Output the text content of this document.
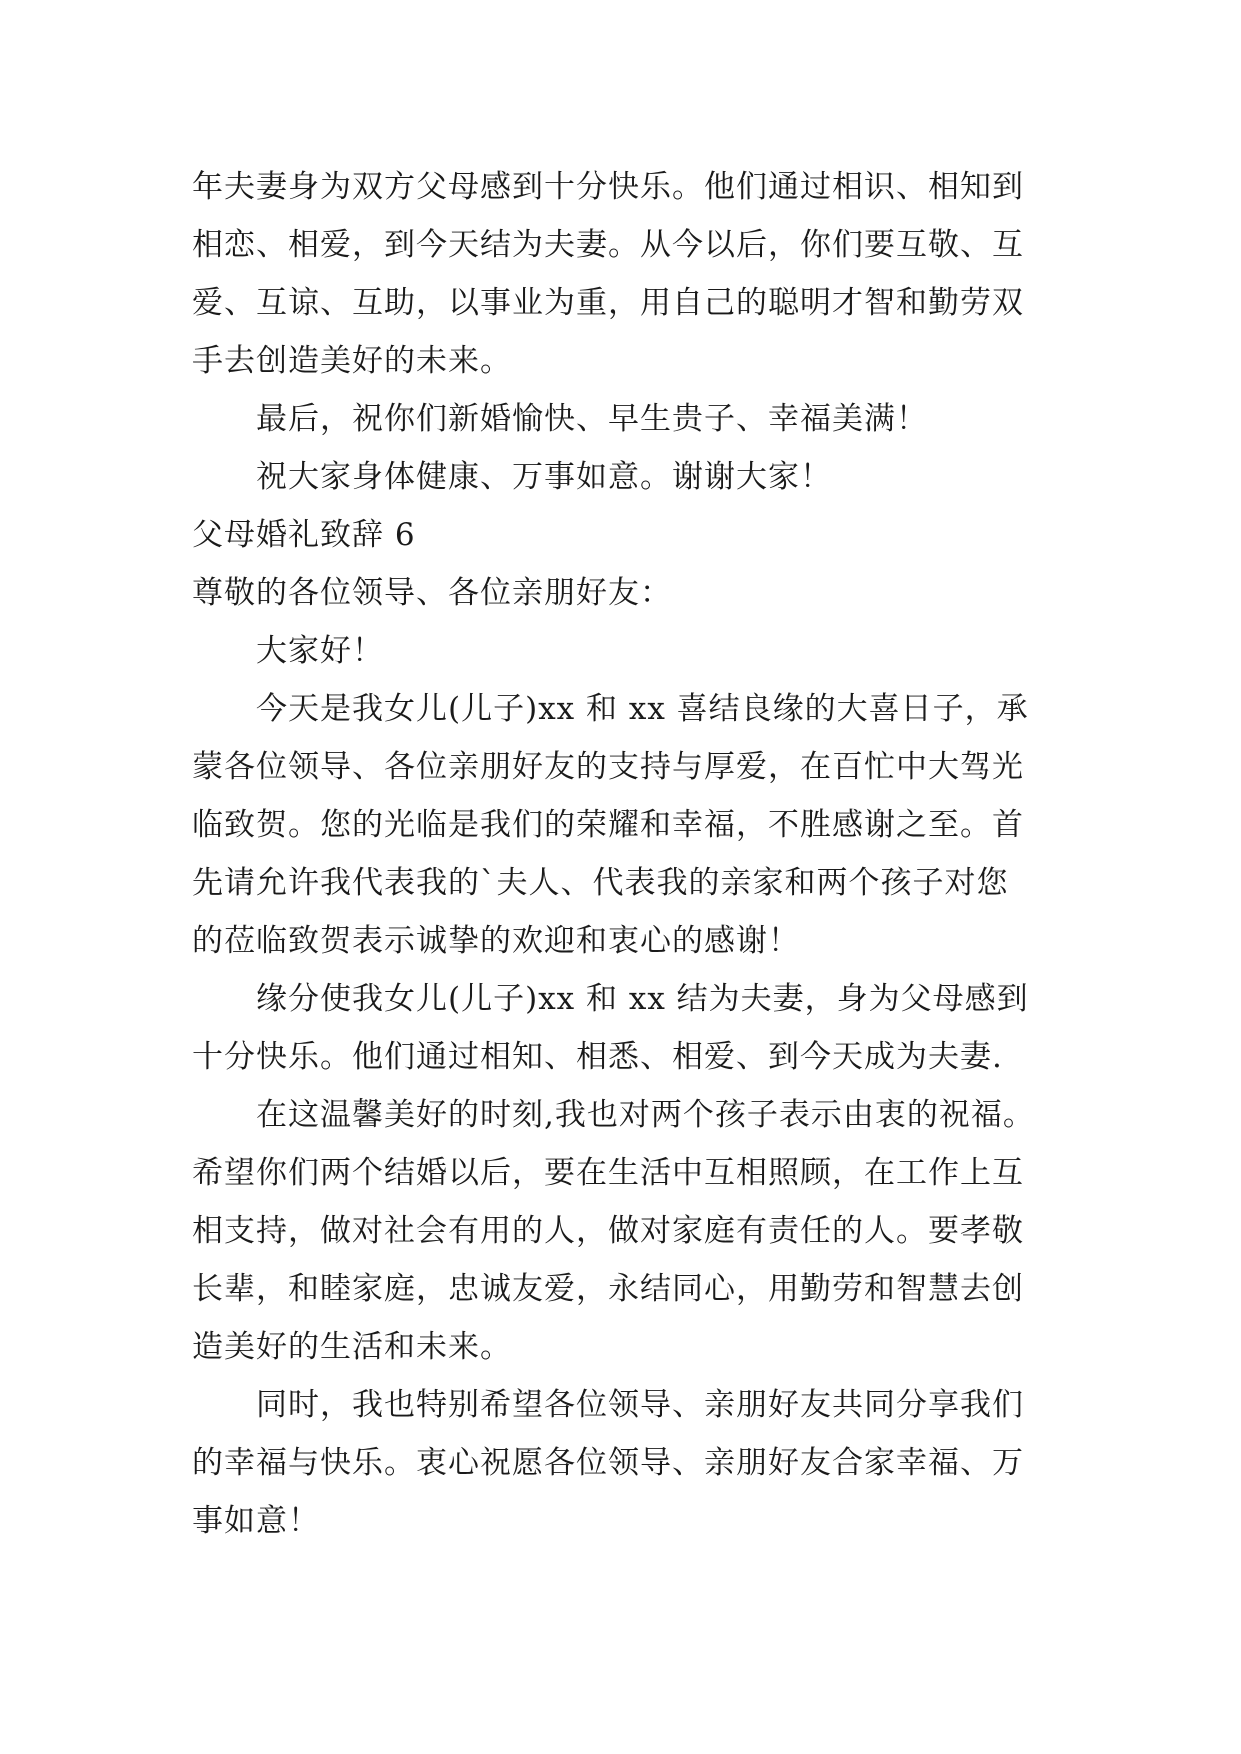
年夫妻身为双方父母感到十分快乐。他们通过相识、相知到
相恋、相爱，到今天结为夫妻。从今以后，你们要互敬、互
爱、互谅、互助，以事业为重，用自己的聪明才智和勤劳双
手去创造美好的未来。
最后，祝你们新婚愉快、早生贵子、幸福美满！
祝大家身体健康、万事如意。谢谢大家！
父母婚礼致辞 6
尊敬的各位领导、各位亲朋好友：
大家好！
今天是我女儿(儿子)xx 和 xx 喜结良缘的大喜日子，承
蒙各位领导、各位亲朋好友的支持与厚爱，在百忙中大驾光
临致贺。您的光临是我们的荣耀和幸福，不胜感谢之至。首
先请允许我代表我的`夫人、代表我的亲家和两个孩子对您
的莅临致贺表示诚挚的欢迎和衷心的感谢！
缘分使我女儿(儿子)xx 和 xx 结为夫妻，身为父母感到
十分快乐。他们通过相知、相悉、相爱、到今天成为夫妻.
在这温馨美好的时刻,我也对两个孩子表示由衷的祝福。
希望你们两个结婚以后，要在生活中互相照顾，在工作上互
相支持，做对社会有用的人，做对家庭有责任的人。要孝敬
长辈，和睦家庭，忠诚友爱，永结同心，用勤劳和智慧去创
造美好的生活和未来。
同时，我也特别希望各位领导、亲朋好友共同分享我们
的幸福与快乐。衷心祝愿各位领导、亲朋好友合家幸福、万
事如意！
